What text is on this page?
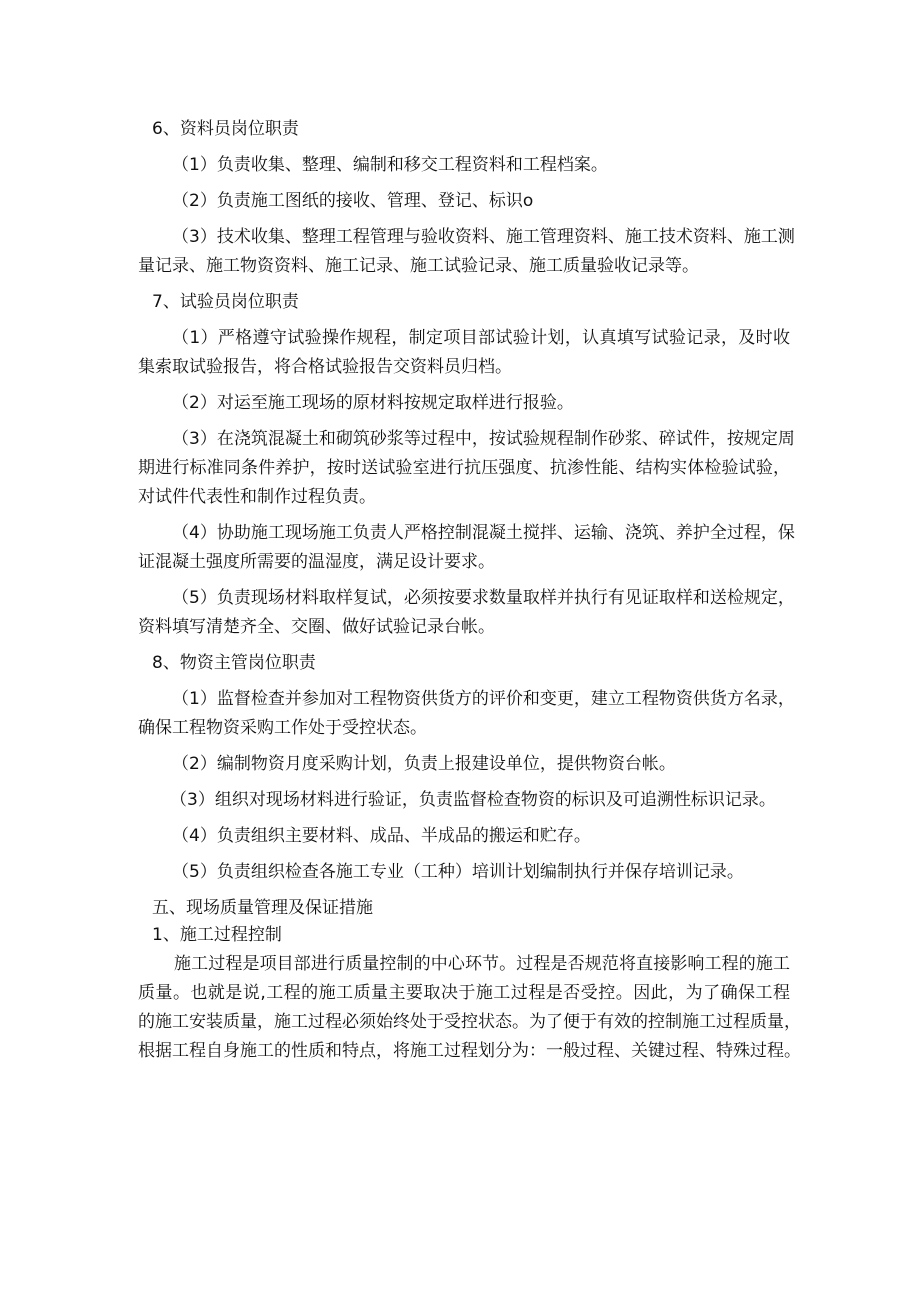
6、资料员岗位职责
（1）负责收集、整理、编制和移交工程资料和工程档案。
（2）负责施工图纸的接收、管理、登记、标识o
（3）技术收集、整理工程管理与验收资料、施工管理资料、施工技术资料、施工测
量记录、施工物资资料、施工记录、施工试验记录、施工质量验收记录等。
7、试验员岗位职责
（1）严格遵守试验操作规程，制定项目部试验计划，认真填写试验记录，及时收
集索取试验报告，将合格试验报告交资料员归档。
（2）对运至施工现场的原材料按规定取样进行报验。
（3）在浇筑混凝土和砌筑砂浆等过程中，按试验规程制作砂浆、碎试件，按规定周
期进行标准同条件养护，按时送试验室进行抗压强度、抗渗性能、结构实体检验试验，
对试件代表性和制作过程负责。
（4）协助施工现场施工负责人严格控制混凝土搅拌、运输、浇筑、养护全过程，保
证混凝土强度所需要的温湿度，满足设计要求。
（5）负责现场材料取样复试，必须按要求数量取样并执行有见证取样和送检规定，
资料填写清楚齐全、交圈、做好试验记录台帐。
8、物资主管岗位职责
（1）监督检查并参加对工程物资供货方的评价和变更，建立工程物资供货方名录，
确保工程物资采购工作处于受控状态。
（2）编制物资月度采购计划，负责上报建设单位，提供物资台帐。
（3）组织对现场材料进行验证，负责监督检查物资的标识及可追溯性标识记录。
（4）负责组织主要材料、成品、半成品的搬运和贮存。
（5）负责组织检查各施工专业（工种）培训计划编制执行并保存培训记录。
五、现场质量管理及保证措施
1、施工过程控制
施工过程是项目部进行质量控制的中心环节。过程是否规范将直接影响工程的施工
质量。也就是说,工程的施工质量主要取决于施工过程是否受控。因此，为了确保工程
的施工安装质量，施工过程必须始终处于受控状态。为了便于有效的控制施工过程质量，
根据工程自身施工的性质和特点，将施工过程划分为：一般过程、关键过程、特殊过程。
